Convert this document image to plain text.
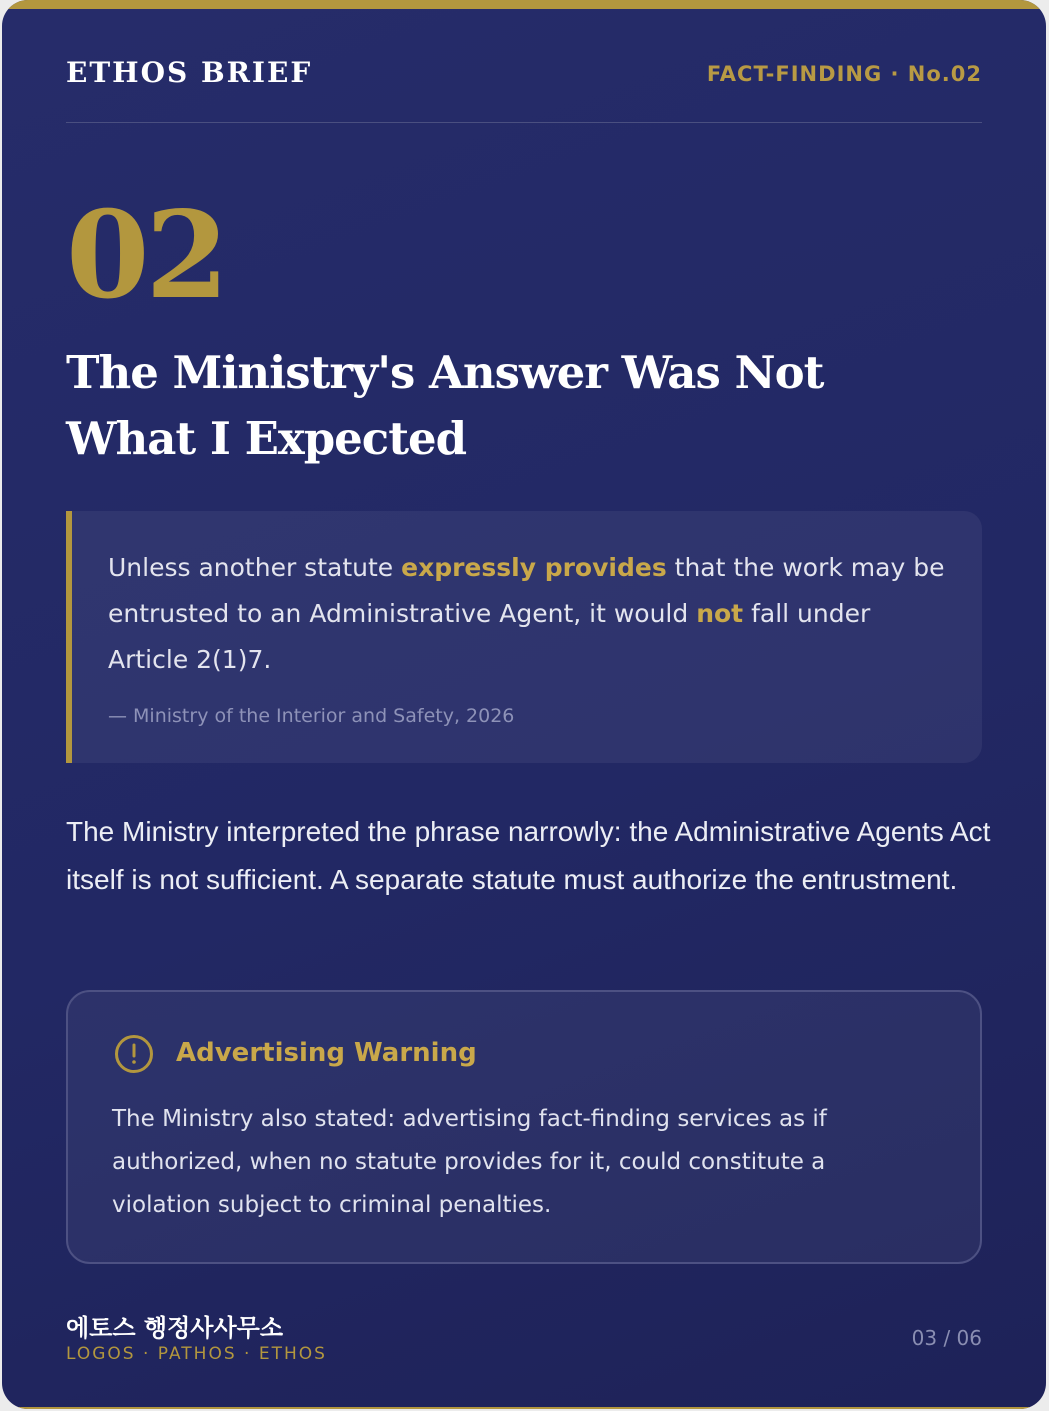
ETHOS BRIEF	FACT-FINDING · No.02
02
The Ministry's Answer Was Not What I Expected
Unless another statute expressly provides that the work may be entrusted to an Administrative Agent, it would not fall under Article 2(1)7.
— Ministry of the Interior and Safety, 2026
The Ministry interpreted the phrase narrowly: the Administrative Agents Act itself is not sufficient. A separate statute must authorize the entrustment.
Advertising Warning
The Ministry also stated: advertising fact-finding services as if authorized, when no statute provides for it, could constitute a violation subject to criminal penalties.
에토스 행정사사무소
LOGOS · PATHOS · ETHOS
03 / 06
